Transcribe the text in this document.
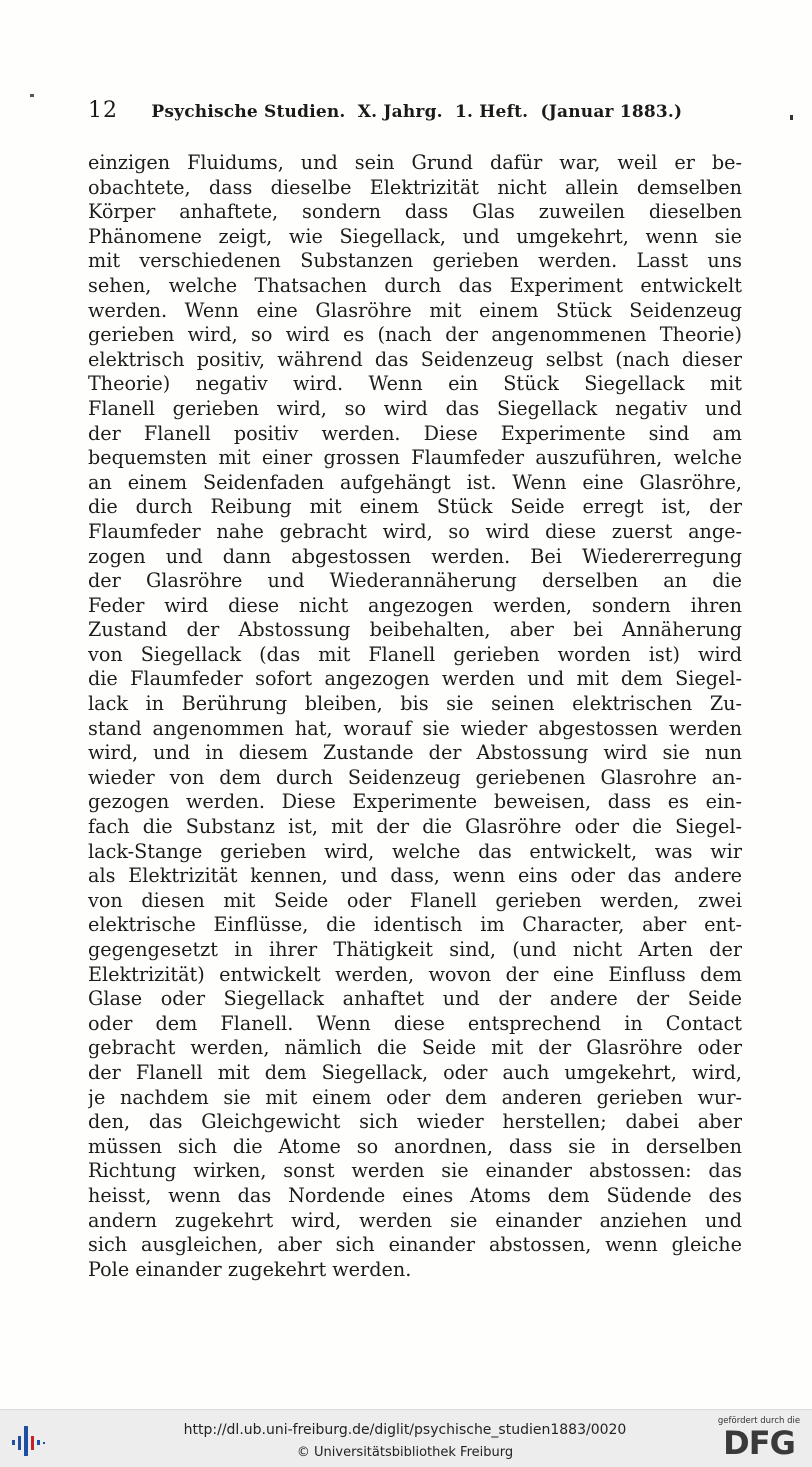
12 Psychische Studien.  X. Jahrg.  1. Heft.  (Januar 1883.)
einzigen Fluidums, und sein Grund dafür war, weil er be-
obachtete, dass dieselbe Elektrizität nicht allein demselben
Körper anhaftete, sondern dass Glas zuweilen dieselben
Phänomene zeigt, wie Siegellack, und umgekehrt, wenn sie
mit verschiedenen Substanzen gerieben werden. Lasst uns
sehen, welche Thatsachen durch das Experiment entwickelt
werden. Wenn eine Glasröhre mit einem Stück Seidenzeug
gerieben wird, so wird es (nach der angenommenen Theorie)
elektrisch positiv, während das Seidenzeug selbst (nach dieser
Theorie) negativ wird. Wenn ein Stück Siegellack mit
Flanell gerieben wird, so wird das Siegellack negativ und
der Flanell positiv werden. Diese Experimente sind am
bequemsten mit einer grossen Flaumfeder auszuführen, welche
an einem Seidenfaden aufgehängt ist. Wenn eine Glasröhre,
die durch Reibung mit einem Stück Seide erregt ist, der
Flaumfeder nahe gebracht wird, so wird diese zuerst ange-
zogen und dann abgestossen werden. Bei Wiedererregung
der Glasröhre und Wiederannäherung derselben an die
Feder wird diese nicht angezogen werden, sondern ihren
Zustand der Abstossung beibehalten, aber bei Annäherung
von Siegellack (das mit Flanell gerieben worden ist) wird
die Flaumfeder sofort angezogen werden und mit dem Siegel-
lack in Berührung bleiben, bis sie seinen elektrischen Zu-
stand angenommen hat, worauf sie wieder abgestossen werden
wird, und in diesem Zustande der Abstossung wird sie nun
wieder von dem durch Seidenzeug geriebenen Glasrohre an-
gezogen werden. Diese Experimente beweisen, dass es ein-
fach die Substanz ist, mit der die Glasröhre oder die Siegel-
lack-Stange gerieben wird, welche das entwickelt, was wir
als Elektrizität kennen, und dass, wenn eins oder das andere
von diesen mit Seide oder Flanell gerieben werden, zwei
elektrische Einflüsse, die identisch im Character, aber ent-
gegengesetzt in ihrer Thätigkeit sind, (und nicht Arten der
Elektrizität) entwickelt werden, wovon der eine Einfluss dem
Glase oder Siegellack anhaftet und der andere der Seide
oder dem Flanell. Wenn diese entsprechend in Contact
gebracht werden, nämlich die Seide mit der Glasröhre oder
der Flanell mit dem Siegellack, oder auch umgekehrt, wird,
je nachdem sie mit einem oder dem anderen gerieben wur-
den, das Gleichgewicht sich wieder herstellen; dabei aber
müssen sich die Atome so anordnen, dass sie in derselben
Richtung wirken, sonst werden sie einander abstossen: das
heisst, wenn das Nordende eines Atoms dem Südende des
andern zugekehrt wird, werden sie einander anziehen und
sich ausgleichen, aber sich einander abstossen, wenn gleiche
Pole einander zugekehrt werden.
http://dl.ub.uni-freiburg.de/diglit/psychische_studien1883/0020
© Universitätsbibliothek Freiburg
gefördert durch die
DFG
